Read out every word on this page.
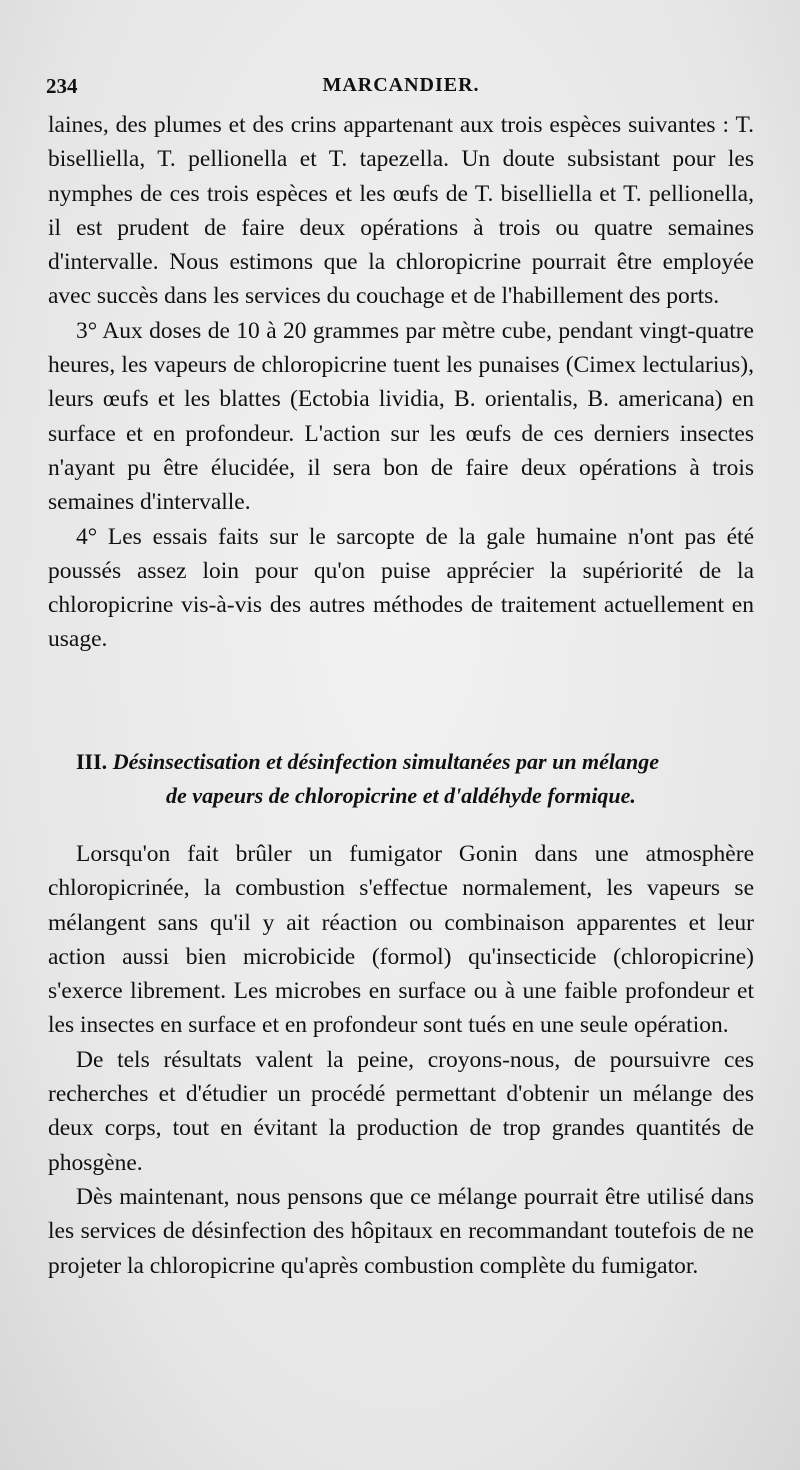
234	MARCANDIER.

laines, des plumes et des crins appartenant aux trois espèces suivantes : T. biselliella, T. pellionella et T. tapezella. Un doute subsistant pour les nymphes de ces trois espèces et les œufs de T. biselliella et T. pellionella, il est prudent de faire deux opérations à trois ou quatre semaines d'intervalle. Nous estimons que la chloropicrine pourrait être employée avec succès dans les services du couchage et de l'habillement des ports.

3° Aux doses de 10 à 20 grammes par mètre cube, pendant vingt-quatre heures, les vapeurs de chloropicrine tuent les punaises (Cimex lectularius), leurs œufs et les blattes (Ectobia lividia, B. orientalis, B. americana) en surface et en profondeur. L'action sur les œufs de ces derniers insectes n'ayant pu être élucidée, il sera bon de faire deux opérations à trois semaines d'intervalle.

4° Les essais faits sur le sarcopte de la gale humaine n'ont pas été poussés assez loin pour qu'on puise apprécier la supériorité de la chloropicrine vis-à-vis des autres méthodes de traitement actuellement en usage.

III. Désinsectisation et désinfection simultanées par un mélange
de vapeurs de chloropicrine et d'aldéhyde formique.

Lorsqu'on fait brûler un fumigator Gonin dans une atmosphère chloropicrinée, la combustion s'effectue normalement, les vapeurs se mélangent sans qu'il y ait réaction ou combinaison apparentes et leur action aussi bien microbicide (formol) qu'insecticide (chloropicrine) s'exerce librement. Les microbes en surface ou à une faible profondeur et les insectes en surface et en profondeur sont tués en une seule opération.

De tels résultats valent la peine, croyons-nous, de poursuivre ces recherches et d'étudier un procédé permettant d'obtenir un mélange des deux corps, tout en évitant la production de trop grandes quantités de phosgène.

Dès maintenant, nous pensons que ce mélange pourrait être utilisé dans les services de désinfection des hôpitaux en recommandant toutefois de ne projeter la chloropicrine qu'après combustion complète du fumigator.
